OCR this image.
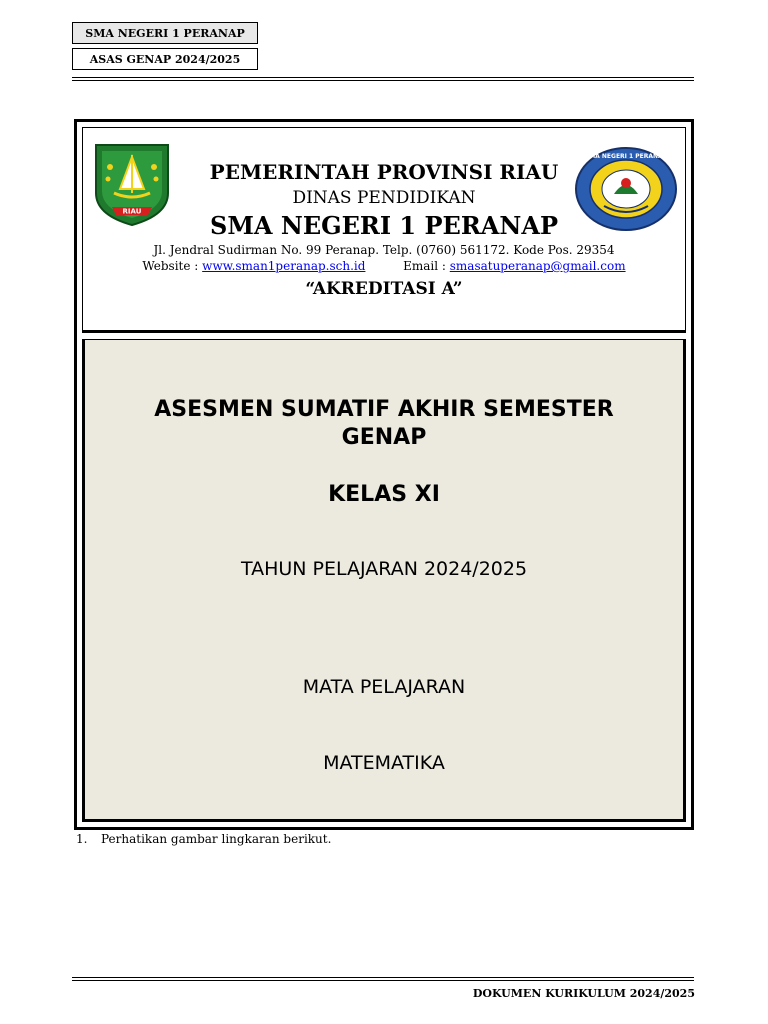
SMA NEGERI 1 PERANAP
ASAS GENAP 2024/2025
RIAU
SMA NEGERI 1 PERANAP
PEMERINTAH PROVINSI RIAU
DINAS PENDIDIKAN
SMA NEGERI 1 PERANAP
Jl. Jendral Sudirman No. 99 Peranap. Telp. (0760) 561172. Kode Pos. 29354
Website : www.sman1peranap.sch.id	Email : smasatuperanap@gmail.com
“AKREDITASI A”
ASESMEN SUMATIF AKHIR SEMESTER
GENAP
KELAS XI
TAHUN PELAJARAN 2024/2025
MATA PELAJARAN
MATEMATIKA
1. Perhatikan gambar lingkaran berikut.
DOKUMEN KURIKULUM 2024/2025
